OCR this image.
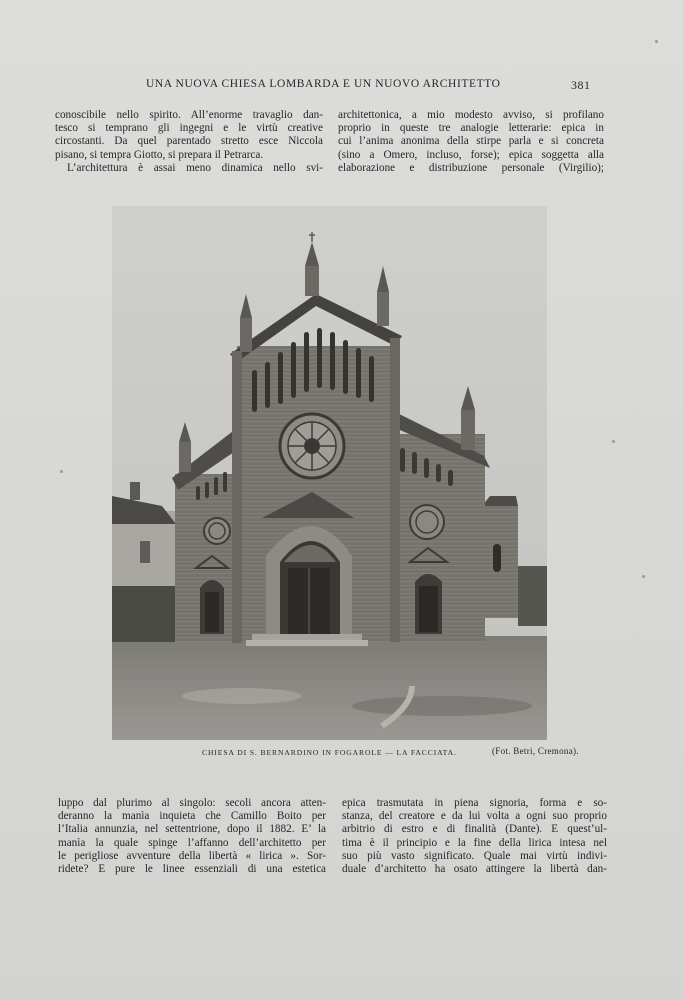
UNA NUOVA CHIESA LOMBARDA E UN NUOVO ARCHITETTO	381

conoscibile nello spirito. All’enorme travaglio dan-

tesco si temprano gli ingegni e le virtù creative

circostanti. Da quel parentado stretto esce Niccola

pisano, si tempra Giotto, si prepara il Petrarca.

L’architettura è assai meno dinamica nello svi-

architettonica, a mio modesto avviso, si profilano

proprio in queste tre analogie letterarie: epica in

cui l’anima anonima della stirpe parla e si concreta

(sino a Omero, incluso, forse); epica soggetta alla

elaborazione e distribuzione personale (Virgilio);

CHIESA DI S. BERNARDINO IN FOGAROLE — LA FACCIATA.	(Fot. Betri, Cremona).

luppo dal plurimo al singolo: secoli ancora atten-

deranno la manìa inquieta che Camillo Boito per

l’Italia annunzia, nel settentrione, dopo il 1882. E’ la

manìa la quale spinge l’affanno dell’architetto per

le perigliose avventure della libertà « lirica ». Sor-

ridete? E pure le linee essenziali di una estetica

epica trasmutata in piena signoria, forma e so-

stanza, del creatore e da lui volta a ogni suo proprio

arbitrio di estro e di finalità (Dante). E quest’ul-

tima è il principio e la fine della lirica intesa nel

suo più vasto significato. Quale mai virtù indivi-

duale d’architetto ha osato attingere la libertà dan-
